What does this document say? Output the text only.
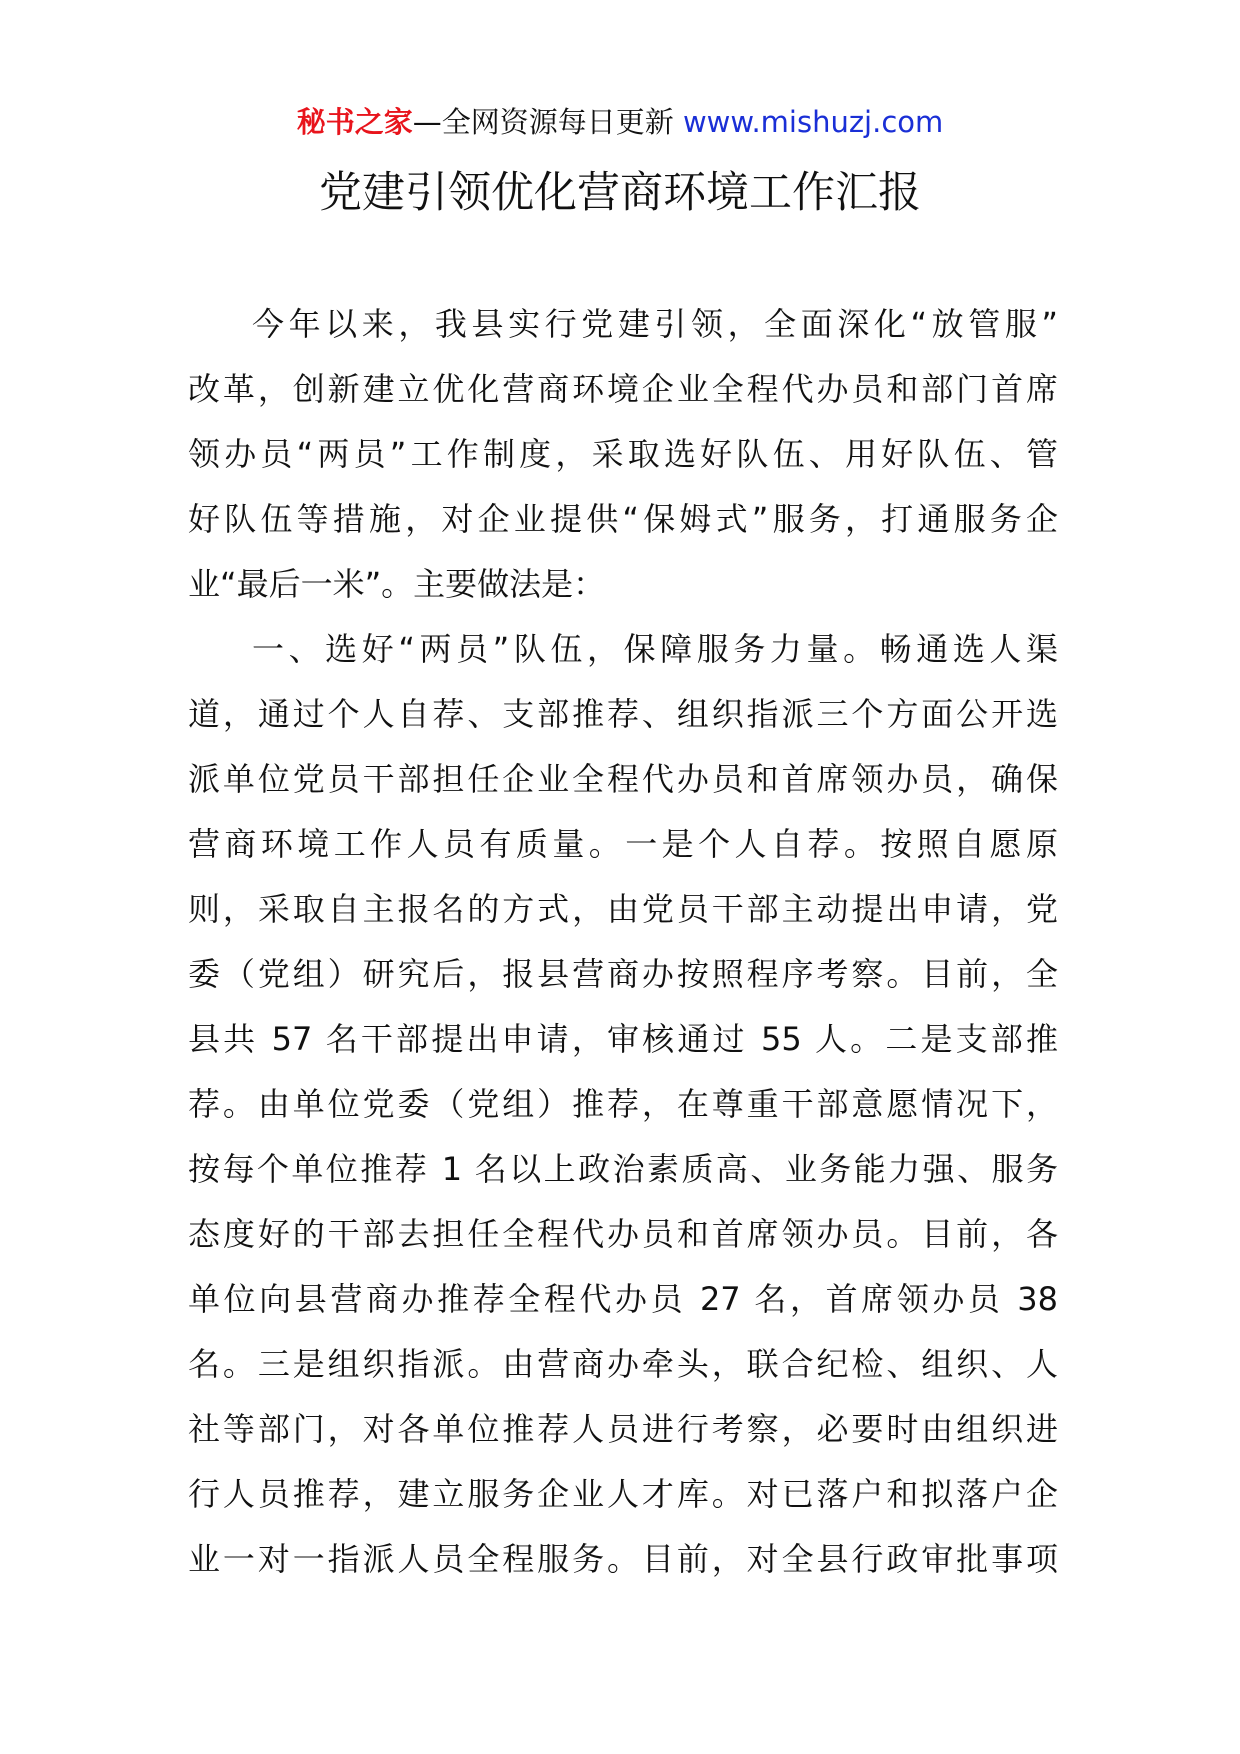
秘书之家—全网资源每日更新 www.mishuzj.com
党建引领优化营商环境工作汇报
今年以来，我县实行党建引领，全面深化“放管服”
改革，创新建立优化营商环境企业全程代办员和部门首席
领办员“两员”工作制度，采取选好队伍、用好队伍、管
好队伍等措施，对企业提供“保姆式”服务，打通服务企
业“最后一米”。主要做法是：
一、选好“两员”队伍，保障服务力量。畅通选人渠
道，通过个人自荐、支部推荐、组织指派三个方面公开选
派单位党员干部担任企业全程代办员和首席领办员，确保
营商环境工作人员有质量。一是个人自荐。按照自愿原
则，采取自主报名的方式，由党员干部主动提出申请，党
委（党组）研究后，报县营商办按照程序考察。目前，全
县共 57 名干部提出申请，审核通过 55 人。二是支部推
荐。由单位党委（党组）推荐，在尊重干部意愿情况下，
按每个单位推荐 1 名以上政治素质高、业务能力强、服务
态度好的干部去担任全程代办员和首席领办员。目前，各
单位向县营商办推荐全程代办员 27 名，首席领办员 38
名。三是组织指派。由营商办牵头，联合纪检、组织、人
社等部门，对各单位推荐人员进行考察，必要时由组织进
行人员推荐，建立服务企业人才库。对已落户和拟落户企
业一对一指派人员全程服务。目前，对全县行政审批事项
